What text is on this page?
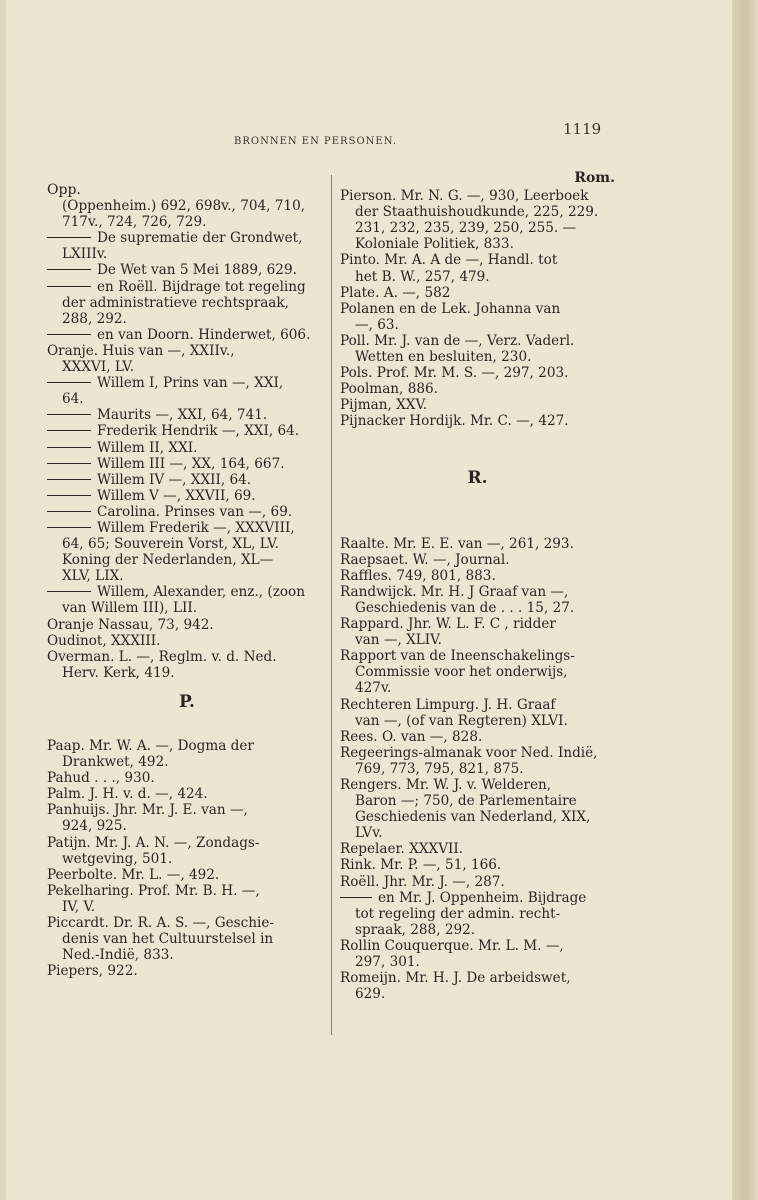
BRONNEN EN PERSONEN.
1119

Opp.

(Oppenheim.) 692, 698v., 704, 710,

717v., 724, 726, 729.

De suprematie der Grondwet,

LXIIIv.

De Wet van 5 Mei 1889, 629.

en Roëll. Bijdrage tot regeling

der administratieve rechtspraak,

288, 292.

en van Doorn. Hinderwet, 606.

Oranje. Huis van —, XXIIv.,

XXXVI, LV.

Willem I, Prins van —, XXI,

64.

Maurits —, XXI, 64, 741.

Frederik Hendrik —, XXI, 64.

Willem II, XXI.

Willem III —, XX, 164, 667.

Willem IV —, XXII, 64.

Willem V —, XXVII, 69.

Carolina. Prinses van —, 69.

Willem Frederik —, XXXVIII,

64, 65; Souverein Vorst, XL, LV.

Koning der Nederlanden, XL—

XLV, LIX.

Willem, Alexander, enz., (zoon

van Willem III), LII.

Oranje Nassau, 73, 942.

Oudinot, XXXIII.

Overman. L. —, Reglm. v. d. Ned.

Herv. Kerk, 419.

P.

Paap. Mr. W. A. —, Dogma der

Drankwet, 492.

Pahud . . ., 930.

Palm. J. H. v. d. —, 424.

Panhuijs. Jhr. Mr. J. E. van —,

924, 925.

Patijn. Mr. J. A. N. —, Zondags-

wetgeving, 501.

Peerbolte. Mr. L. —, 492.

Pekelharing. Prof. Mr. B. H. —,

IV, V.

Piccardt. Dr. R. A. S. —, Geschie-

denis van het Cultuurstelsel in

Ned.-Indië, 833.

Piepers, 922.

Rom.

Pierson. Mr. N. G. —, 930, Leerboek

der Staathuishoudkunde, 225, 229.

231, 232, 235, 239, 250, 255. —

Koloniale Politiek, 833.

Pinto. Mr. A. A de —, Handl. tot

het B. W., 257, 479.

Plate. A. —, 582

Polanen en de Lek. Johanna van

—, 63.

Poll. Mr. J. van de —, Verz. Vaderl.

Wetten en besluiten, 230.

Pols. Prof. Mr. M. S. —, 297, 203.

Poolman, 886.

Pijman, XXV.

Pijnacker Hordijk. Mr. C. —, 427.

R.

Raalte. Mr. E. E. van —, 261, 293.

Raepsaet. W. —, Journal.

Raffles. 749, 801, 883.

Randwijck. Mr. H. J Graaf van —,

Geschiedenis van de . . . 15, 27.

Rappard. Jhr. W. L. F. C , ridder

van —, XLIV.

Rapport van de Ineenschakelings-

Commissie voor het onderwijs,

427v.

Rechteren Limpurg. J. H. Graaf

van —, (of van Regteren) XLVI.

Rees. O. van —, 828.

Regeerings-almanak voor Ned. Indië,

769, 773, 795, 821, 875.

Rengers. Mr. W. J. v. Welderen,

Baron —; 750, de Parlementaire

Geschiedenis van Nederland, XIX,

LVv.

Repelaer. XXXVII.

Rink. Mr. P. —, 51, 166.

Roëll. Jhr. Mr. J. —, 287.

en Mr. J. Oppenheim. Bijdrage

tot regeling der admin. recht-

spraak, 288, 292.

Rollin Couquerque. Mr. L. M. —,

297, 301.

Romeijn. Mr. H. J. De arbeidswet,

629.
